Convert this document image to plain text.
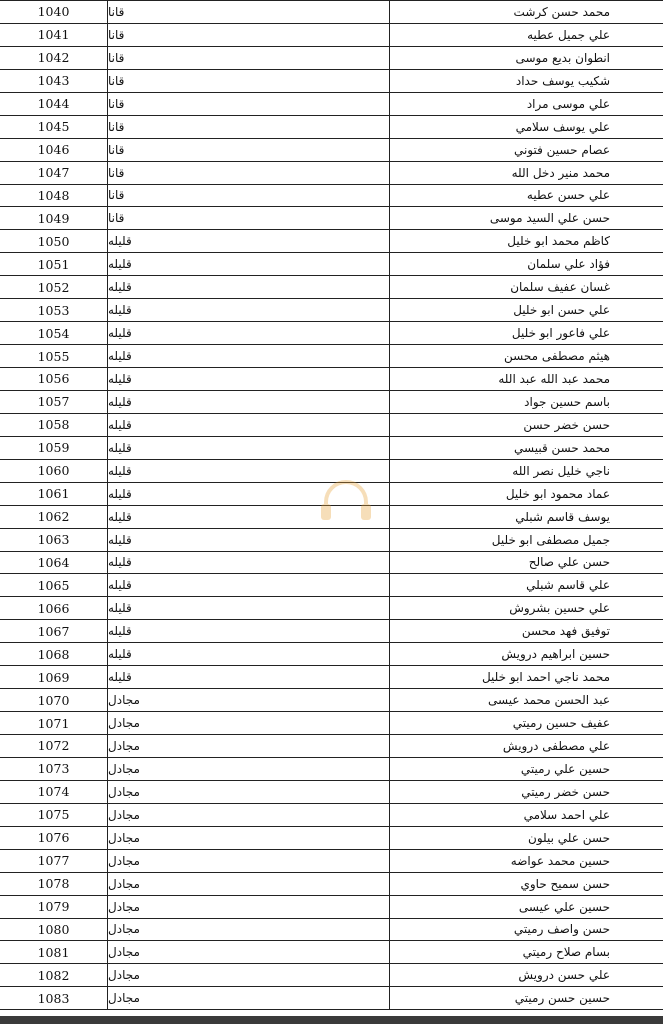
1040	قانا	محمد حسن كرشت
1041	قانا	علي جميل عطيه
1042	قانا	انطوان بديع موسى
1043	قانا	شكيب يوسف حداد
1044	قانا	علي موسى مراد
1045	قانا	علي يوسف سلامي
1046	قانا	عصام حسين فتوني
1047	قانا	محمد منير دخل الله
1048	قانا	علي حسن عطيه
1049	قانا	حسن علي السيد موسى
1050	قليله	كاظم محمد ابو خليل
1051	قليله	فؤاد علي سلمان
1052	قليله	غسان عفيف سلمان
1053	قليله	علي حسن ابو خليل
1054	قليله	علي فاعور ابو خليل
1055	قليله	هيثم مصطفى محسن
1056	قليله	محمد عبد الله عبد الله
1057	قليله	باسم حسين جواد
1058	قليله	حسن خضر حسن
1059	قليله	محمد حسن قبيسي
1060	قليله	ناجي خليل نصر الله
1061	قليله	عماد محمود ابو خليل
1062	قليله	يوسف قاسم شبلي
1063	قليله	جميل مصطفى ابو خليل
1064	قليله	حسن علي صالح
1065	قليله	علي قاسم شبلي
1066	قليله	علي حسين بشروش
1067	قليله	توفيق فهد محسن
1068	قليله	حسين ابراهيم درويش
1069	قليله	محمد ناجي احمد ابو خليل
1070	مجادل	عبد الحسن محمد عيسى
1071	مجادل	عفيف حسين رميتي
1072	مجادل	علي مصطفى درويش
1073	مجادل	حسين علي رميتي
1074	مجادل	حسن خضر رميتي
1075	مجادل	علي احمد سلامي
1076	مجادل	حسن علي بيلون
1077	مجادل	حسين محمد عواضه
1078	مجادل	حسن سميح حاوي
1079	مجادل	حسين علي عيسى
1080	مجادل	حسن واصف رميتي
1081	مجادل	بسام صلاح رميتي
1082	مجادل	علي حسن درويش
1083	مجادل	حسين حسن رميتي
